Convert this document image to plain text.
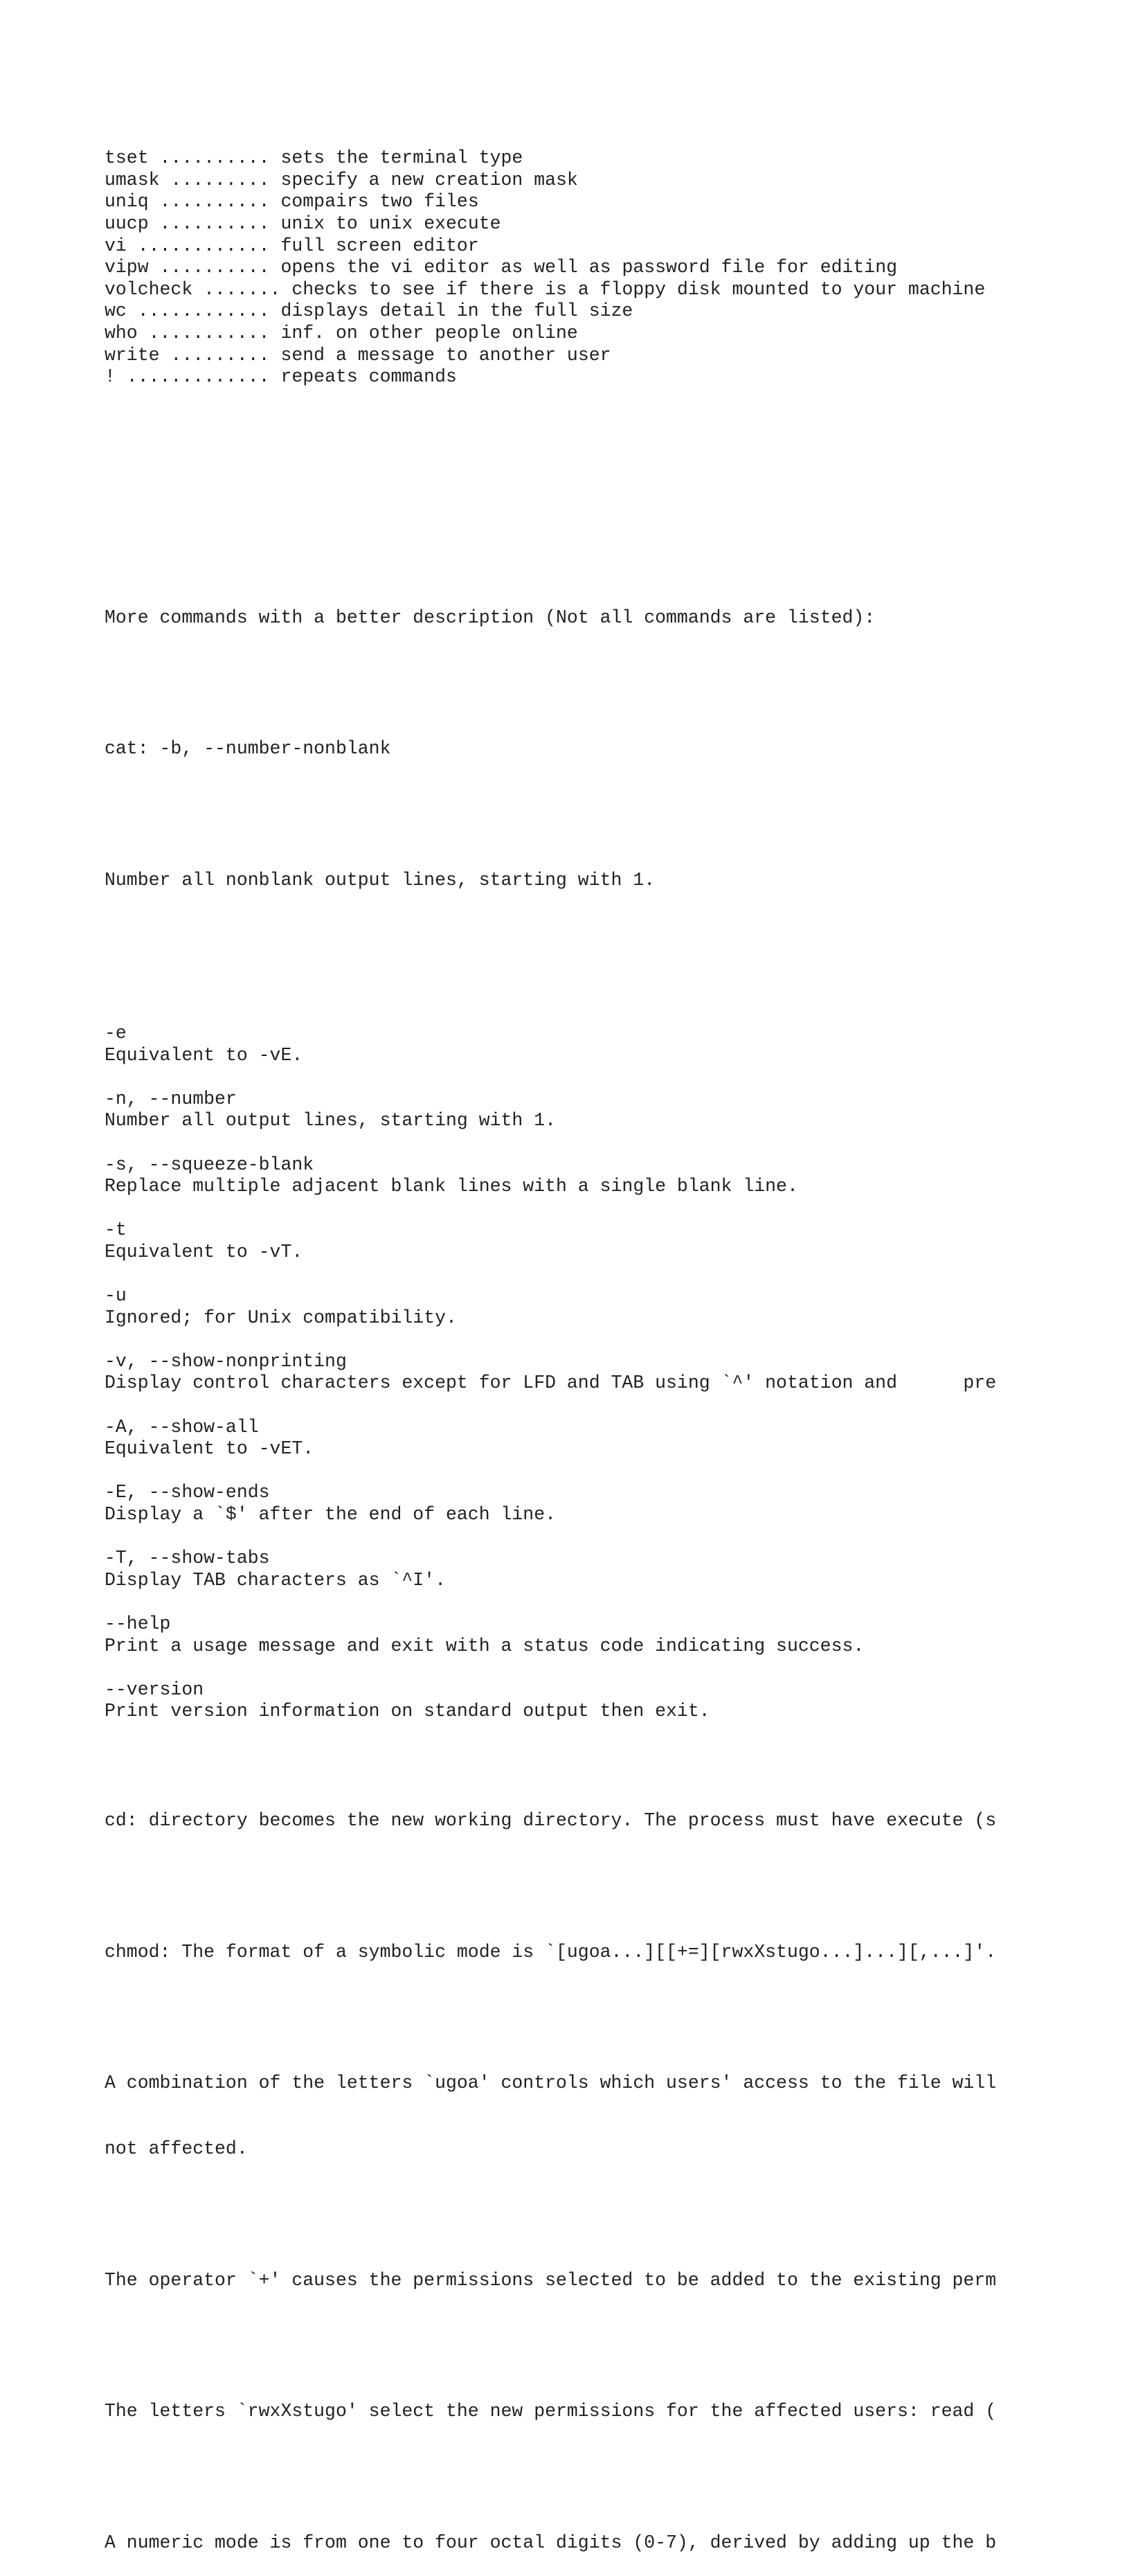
tset .......... sets the terminal type
umask ......... specify a new creation mask
uniq .......... compairs two files
uucp .......... unix to unix execute
vi ............ full screen editor
vipw .......... opens the vi editor as well as password file for editing
volcheck ....... checks to see if there is a floppy disk mounted to your machine
wc ............ displays detail in the full size
who ........... inf. on other people online
write ......... send a message to another user
! ............. repeats commands

More commands with a better description (Not all commands are listed):

cat: -b, --number-nonblank

Number all nonblank output lines, starting with 1.

-e
Equivalent to -vE.
-n, --number
Number all output lines, starting with 1.
-s, --squeeze-blank
Replace multiple adjacent blank lines with a single blank line.
-t
Equivalent to -vT.
-u
Ignored; for Unix compatibility.
-v, --show-nonprinting
Display control characters except for LFD and TAB using `^' notation and      pre
-A, --show-all
Equivalent to -vET.
-E, --show-ends
Display a `$' after the end of each line.
-T, --show-tabs
Display TAB characters as `^I'.
--help
Print a usage message and exit with a status code indicating success.
--version
Print version information on standard output then exit.

cd: directory becomes the new working directory. The process must have execute (s

chmod: The format of a symbolic mode is `[ugoa...][[+=][rwxXstugo...]...][,...]'.

A combination of the letters `ugoa' controls which users' access to the file will

not affected.

The operator `+' causes the permissions selected to be added to the existing perm

The letters `rwxXstugo' select the new permissions for the affected users: read (

A numeric mode is from one to four octal digits (0-7), derived by adding up the b
